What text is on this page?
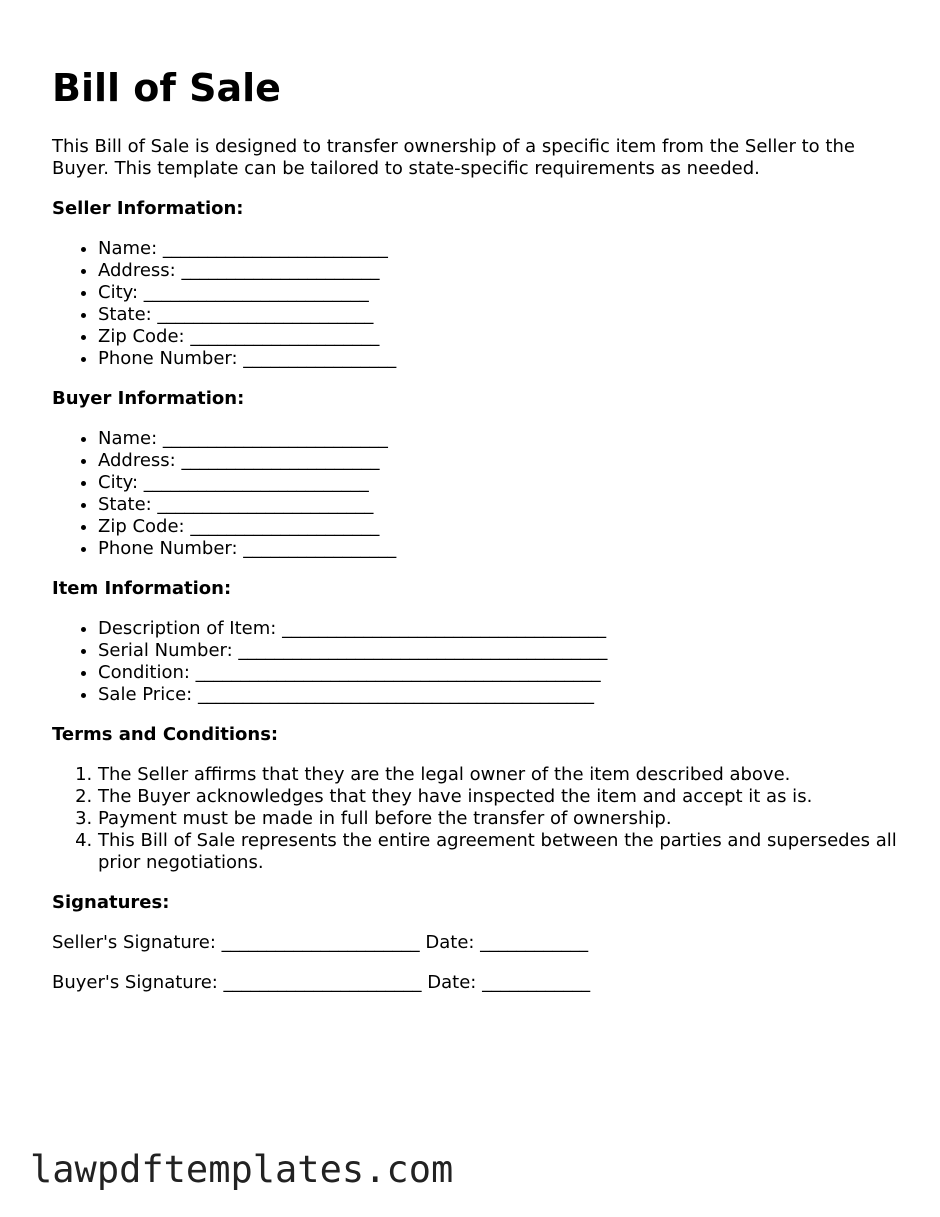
Bill of Sale

This Bill of Sale is designed to transfer ownership of a specific item from the Seller to the Buyer. This template can be tailored to state-specific requirements as needed.

Seller Information:
• Name: _________________________
• Address: ______________________
• City: _________________________
• State: ________________________
• Zip Code: _____________________
• Phone Number: _________________
Buyer Information:
• Name: _________________________
• Address: ______________________
• City: _________________________
• State: ________________________
• Zip Code: _____________________
• Phone Number: _________________
Item Information:
• Description of Item: ____________________________________
• Serial Number: _________________________________________
• Condition: _____________________________________________
• Sale Price: ____________________________________________
Terms and Conditions:
1. The Seller affirms that they are the legal owner of the item described above.
2. The Buyer acknowledges that they have inspected the item and accept it as is.
3. Payment must be made in full before the transfer of ownership.
4. This Bill of Sale represents the entire agreement between the parties and supersedes all prior negotiations.
Signatures:
Seller's Signature: ______________________ Date: ____________
Buyer's Signature: ______________________ Date: ____________
lawpdftemplates.com
